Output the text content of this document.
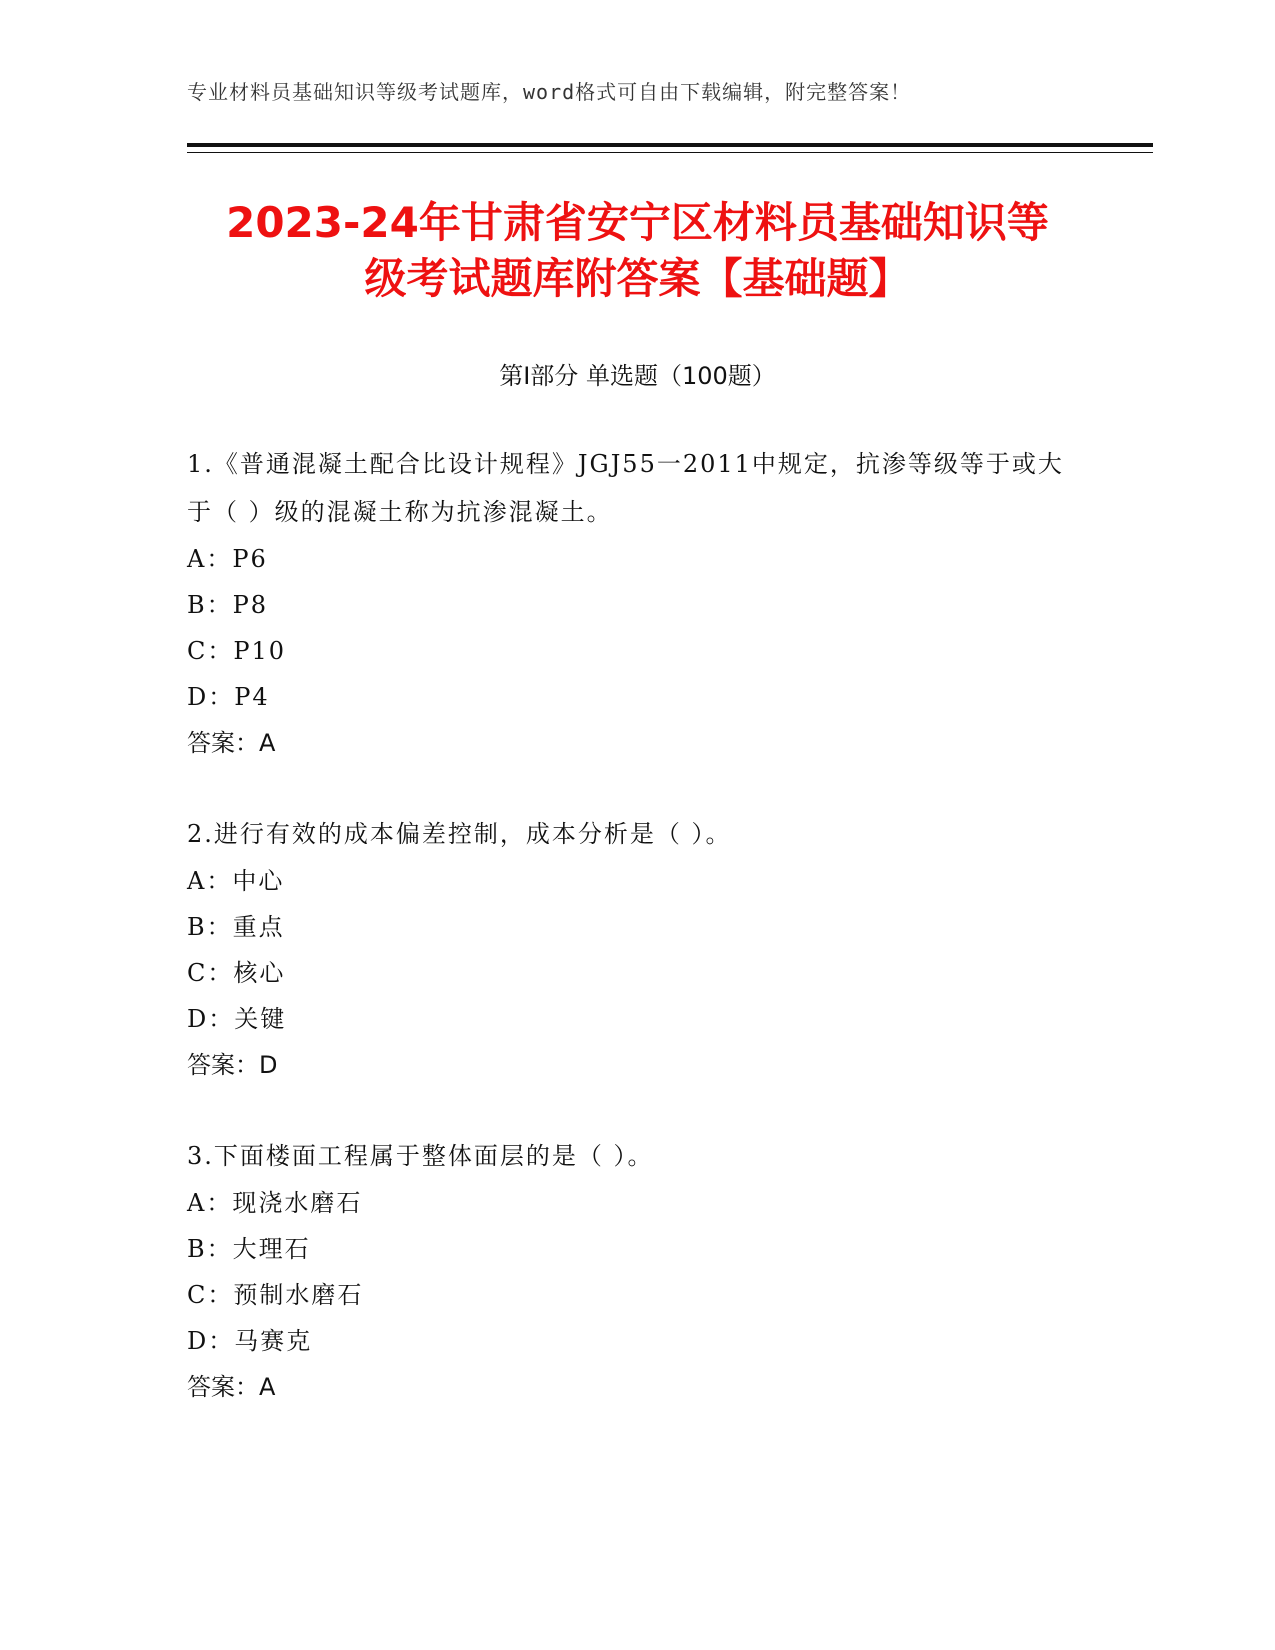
专业材料员基础知识等级考试题库，word格式可自由下载编辑，附完整答案！
2023-24年甘肃省安宁区材料员基础知识等
级考试题库附答案【基础题】
第Ⅰ部分 单选题（100题）
1.《普通混凝土配合比设计规程》JGJ55一2011中规定，抗渗等级等于或大于（ ）级的混凝土称为抗渗混凝土。
A：P6
B：P8
C：P10
D：P4
答案：A
2.进行有效的成本偏差控制，成本分析是（ ）。
A：中心
B：重点
C：核心
D：关键
答案：D
3.下面楼面工程属于整体面层的是（ ）。
A：现浇水磨石
B：大理石
C：预制水磨石
D：马赛克
答案：A
